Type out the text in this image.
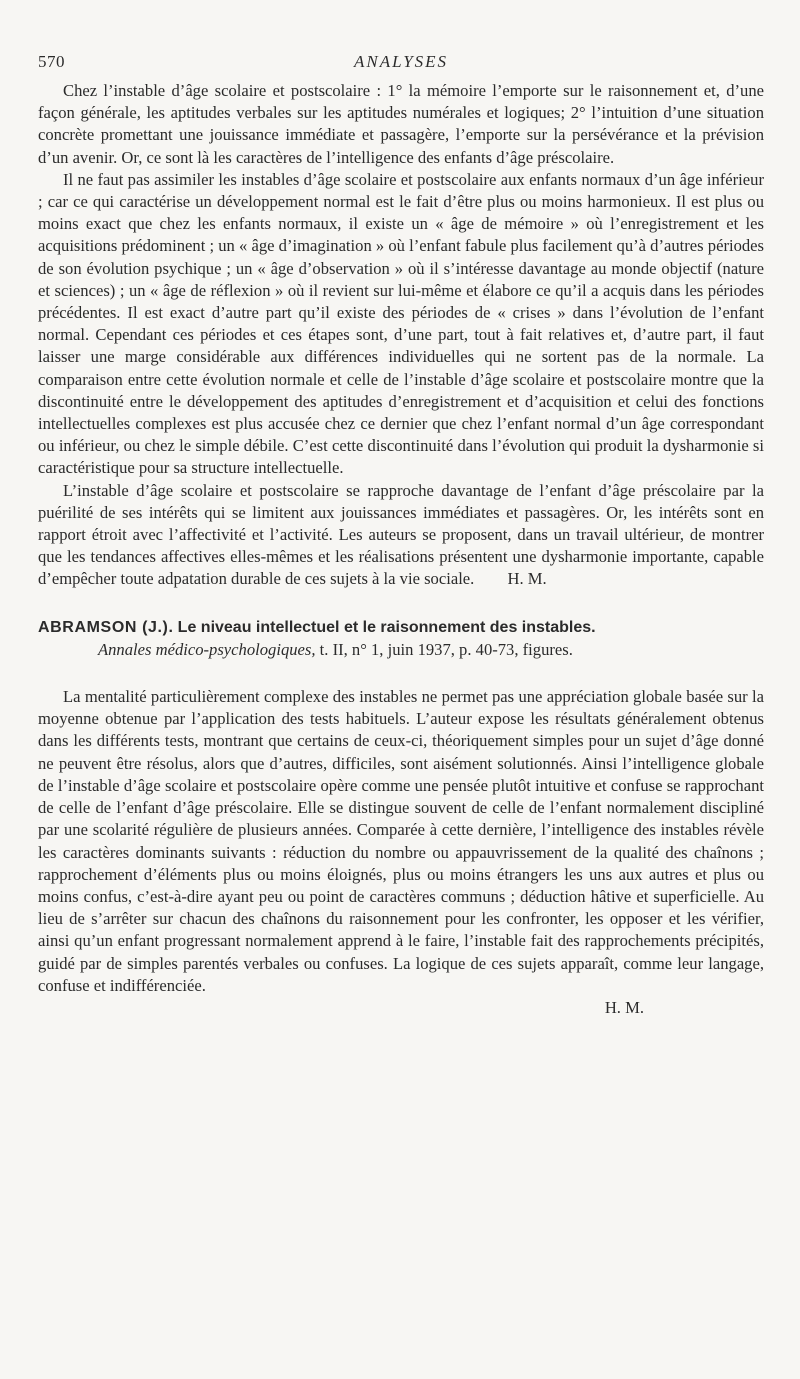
570	ANALYSES

Chez l’instable d’âge scolaire et postscolaire : 1° la mémoire l’emporte sur le raisonnement et, d’une façon générale, les aptitudes verbales sur les aptitudes numérales et logiques; 2° l’intuition d’une situation concrète promettant une jouissance immédiate et passagère, l’emporte sur la persévérance et la prévision d’un avenir. Or, ce sont là les caractères de l’intelligence des enfants d’âge préscolaire.

Il ne faut pas assimiler les instables d’âge scolaire et postscolaire aux enfants normaux d’un âge inférieur ; car ce qui caractérise un développement normal est le fait d’être plus ou moins harmonieux. Il est plus ou moins exact que chez les enfants normaux, il existe un « âge de mémoire » où l’enregistrement et les acquisitions prédominent ; un « âge d’imagination » où l’enfant fabule plus facilement qu’à d’autres périodes de son évolution psychique ; un « âge d’observation » où il s’intéresse davantage au monde objectif (nature et sciences) ; un « âge de réflexion » où il revient sur lui-même et élabore ce qu’il a acquis dans les périodes précédentes. Il est exact d’autre part qu’il existe des périodes de « crises » dans l’évolution de l’enfant normal. Cependant ces périodes et ces étapes sont, d’une part, tout à fait relatives et, d’autre part, il faut laisser une marge considérable aux différences individuelles qui ne sortent pas de la normale. La comparaison entre cette évolution normale et celle de l’instable d’âge scolaire et postscolaire montre que la discontinuité entre le développement des aptitudes d’enregistrement et d’acquisition et celui des fonctions intellectuelles complexes est plus accusée chez ce dernier que chez l’enfant normal d’un âge correspondant ou inférieur, ou chez le simple débile. C’est cette discontinuité dans l’évolution qui produit la dysharmonie si caractéristique pour sa structure intellectuelle.

L’instable d’âge scolaire et postscolaire se rapproche davantage de l’enfant d’âge préscolaire par la puérilité de ses intérêts qui se limitent aux jouissances immédiates et passagères. Or, les intérêts sont en rapport étroit avec l’affectivité et l’activité. Les auteurs se proposent, dans un travail ultérieur, de montrer que les tendances affectives elles-mêmes et les réalisations présentent une dysharmonie importante, capable d’empêcher toute adpatation durable de ces sujets à la vie sociale. H. M.

ABRAMSON (J.). Le niveau intellectuel et le raisonnement des instables.
Annales médico-psychologiques, t. II, n° 1, juin 1937, p. 40-73, figures.

La mentalité particulièrement complexe des instables ne permet pas une appréciation globale basée sur la moyenne obtenue par l’application des tests habituels. L’auteur expose les résultats généralement obtenus dans les différents tests, montrant que certains de ceux-ci, théoriquement simples pour un sujet d’âge donné ne peuvent être résolus, alors que d’autres, difficiles, sont aisément solutionnés. Ainsi l’intelligence globale de l’instable d’âge scolaire et postscolaire opère comme une pensée plutôt intuitive et confuse se rapprochant de celle de l’enfant d’âge préscolaire. Elle se distingue souvent de celle de l’enfant normalement discipliné par une scolarité régulière de plusieurs années. Comparée à cette dernière, l’intelligence des instables révèle les caractères dominants suivants : réduction du nombre ou appauvrissement de la qualité des chaînons ; rapprochement d’éléments plus ou moins éloignés, plus ou moins étrangers les uns aux autres et plus ou moins confus, c’est-à-dire ayant peu ou point de caractères communs ; déduction hâtive et superficielle. Au lieu de s’arrêter sur chacun des chaînons du raisonnement pour les confronter, les opposer et les vérifier, ainsi qu’un enfant progressant normalement apprend à le faire, l’instable fait des rapprochements précipités, guidé par de simples parentés verbales ou confuses. La logique de ces sujets apparaît, comme leur langage, confuse et indifférenciée.

H. M.
